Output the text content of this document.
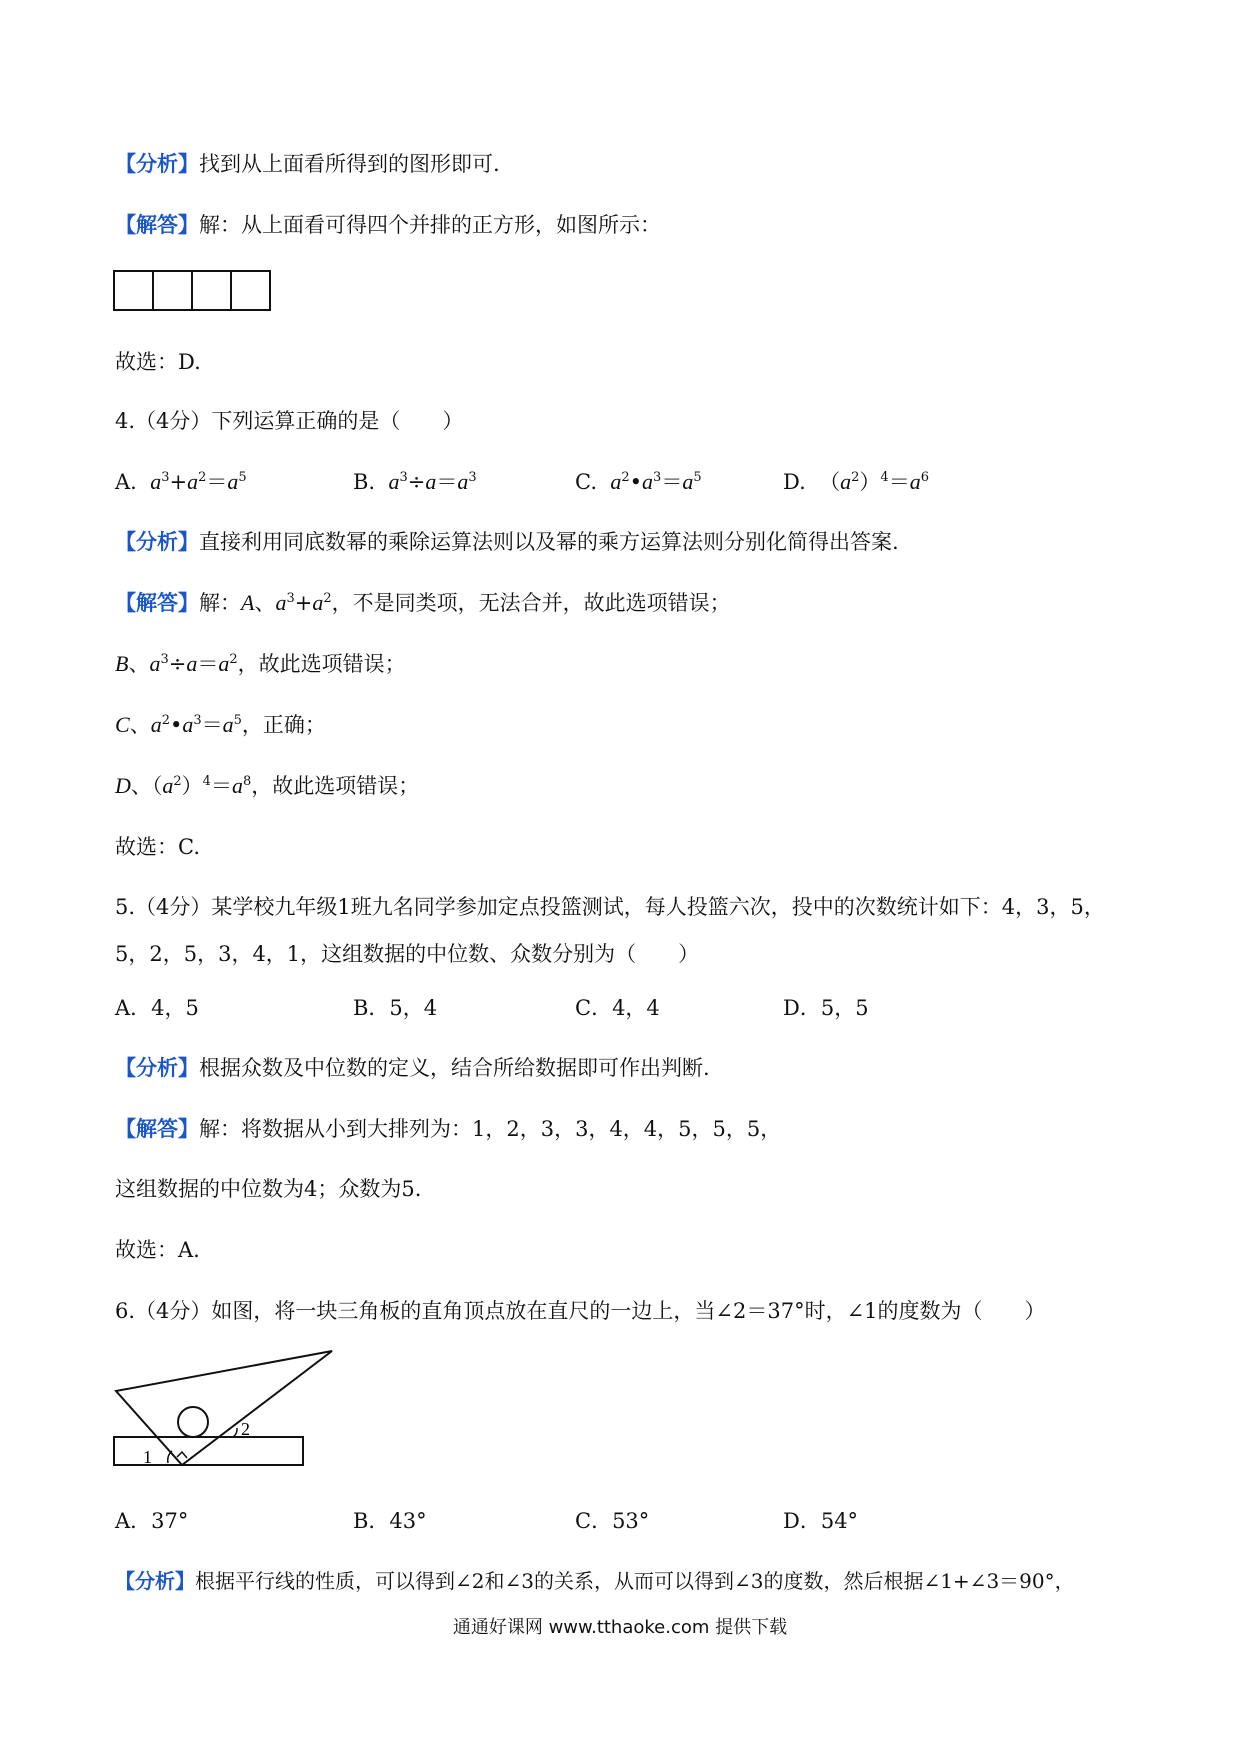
【分析】找到从上面看所得到的图形即可.
【解答】解：从上面看可得四个并排的正方形，如图所示：
故选：D.
4.（4分）下列运算正确的是（　　）
A. $a^3+a^2=a^5$	B. $a^3\div a=a^3$	C. $a^2•a^3=a^5$	D.  $(a^2)^4=a^6$
【分析】直接利用同底数幂的乘除运算法则以及幂的乘方运算法则分别化简得出答案.
【解答】解：A、$a^3+a^2$，不是同类项，无法合并，故此选项错误；
B、$a^3\div a=a^2$，故此选项错误；
C、$a^2•a^3=a^5$，正确；
D、$(a^2)^4=a^8$，故此选项错误；
故选：C.
5.（4分）某学校九年级1班九名同学参加定点投篮测试，每人投篮六次，投中的次数统计如下：4，3，5，
5，2，5，3，4，1，这组数据的中位数、众数分别为（　　）
A．4，5	B．5，4	C．4，4	D．5，5
【分析】根据众数及中位数的定义，结合所给数据即可作出判断.
【解答】解：将数据从小到大排列为：1，2，3，3，4，4，5，5，5，
这组数据的中位数为4；众数为5.
故选：A.
6.（4分）如图，将一块三角板的直角顶点放在直尺的一边上，当∠2＝37°时，∠1的度数为（　　）
1
2
A．37°	B．43°	C．53°	D．54°
【分析】根据平行线的性质，可以得到∠2和∠3的关系，从而可以得到∠3的度数，然后根据∠1+∠3＝90°，
通通好课网 www.tthaoke.com 提供下载
